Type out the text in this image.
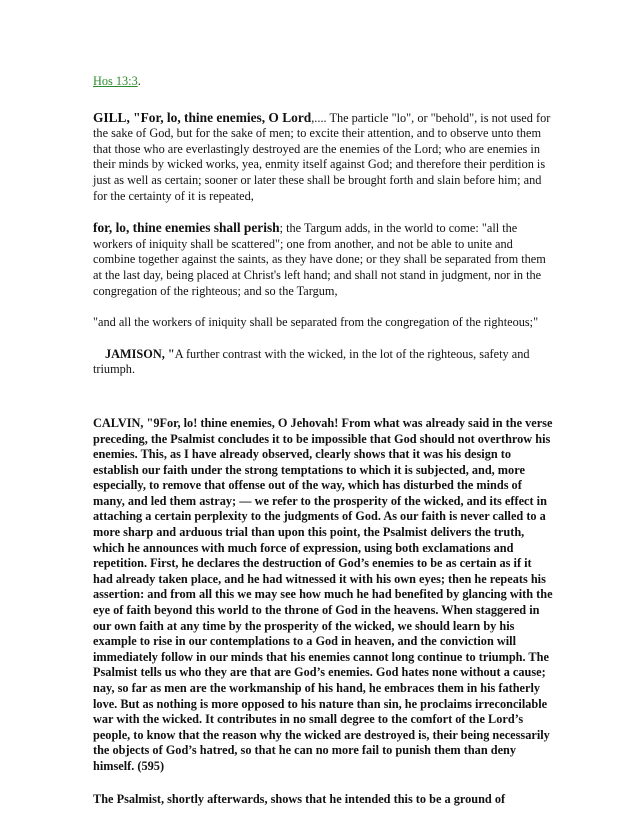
Hos 13:3.

GILL, "For, lo, thine enemies, O Lord,.... The particle "lo", or "behold", is not used for the sake of God, but for the sake of men; to excite their attention, and to observe unto them that those who are everlastingly destroyed are the enemies of the Lord; who are enemies in their minds by wicked works, yea, enmity itself against God; and therefore their perdition is just as well as certain; sooner or later these shall be brought forth and slain before him; and for the certainty of it is repeated,

for, lo, thine enemies shall perish; the Targum adds, in the world to come: "all the workers of iniquity shall be scattered"; one from another, and not be able to unite and combine together against the saints, as they have done; or they shall be separated from them at the last day, being placed at Christ's left hand; and shall not stand in judgment, nor in the congregation of the righteous; and so the Targum,

"and all the workers of iniquity shall be separated from the congregation of the righteous;"

JAMISON, "A further contrast with the wicked, in the lot of the righteous, safety and triumph.

CALVIN, "9For, lo! thine enemies, O Jehovah! From what was already said in the verse preceding, the Psalmist concludes it to be impossible that God should not overthrow his enemies. This, as I have already observed, clearly shows that it was his design to establish our faith under the strong temptations to which it is subjected, and, more especially, to remove that offense out of the way, which has disturbed the minds of many, and led them astray; — we refer to the prosperity of the wicked, and its effect in attaching a certain perplexity to the judgments of God. As our faith is never called to a more sharp and arduous trial than upon this point, the Psalmist delivers the truth, which he announces with much force of expression, using both exclamations and repetition. First, he declares the destruction of God’s enemies to be as certain as if it had already taken place, and he had witnessed it with his own eyes; then he repeats his assertion: and from all this we may see how much he had benefited by glancing with the eye of faith beyond this world to the throne of God in the heavens. When staggered in our own faith at any time by the prosperity of the wicked, we should learn by his example to rise in our contemplations to a God in heaven, and the conviction will immediately follow in our minds that his enemies cannot long continue to triumph. The Psalmist tells us who they are that are God’s enemies. God hates none without a cause; nay, so far as men are the workmanship of his hand, he embraces them in his fatherly love. But as nothing is more opposed to his nature than sin, he proclaims irreconcilable war with the wicked. It contributes in no small degree to the comfort of the Lord’s people, to know that the reason why the wicked are destroyed is, their being necessarily the objects of God’s hatred, so that he can no more fail to punish them than deny himself. (595)

The Psalmist, shortly afterwards, shows that he intended this to be a ground of
